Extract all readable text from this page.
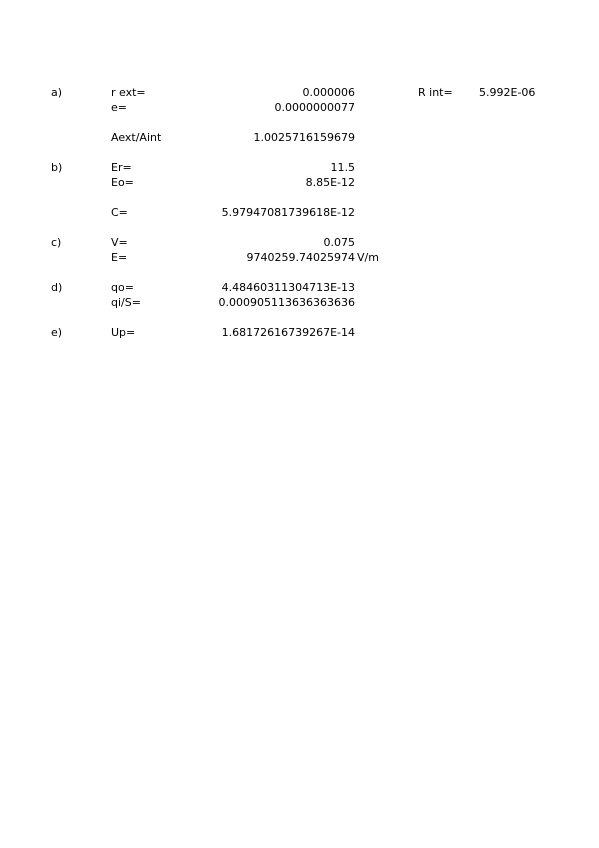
a)	r ext=	0.000006	R int= 5.992E-06
e=	0.0000000077
Aext/Aint	1.0025716159679
b)	Er=	11.5
Eo=	8.85E-12
C=	5.97947081739618E-12
c)	V=	0.075
E=	9740259.74025974 V/m
d)	qo=	4.48460311304713E-13
qi/S=	0.000905113636363636
e)	Up=	1.68172616739267E-14
